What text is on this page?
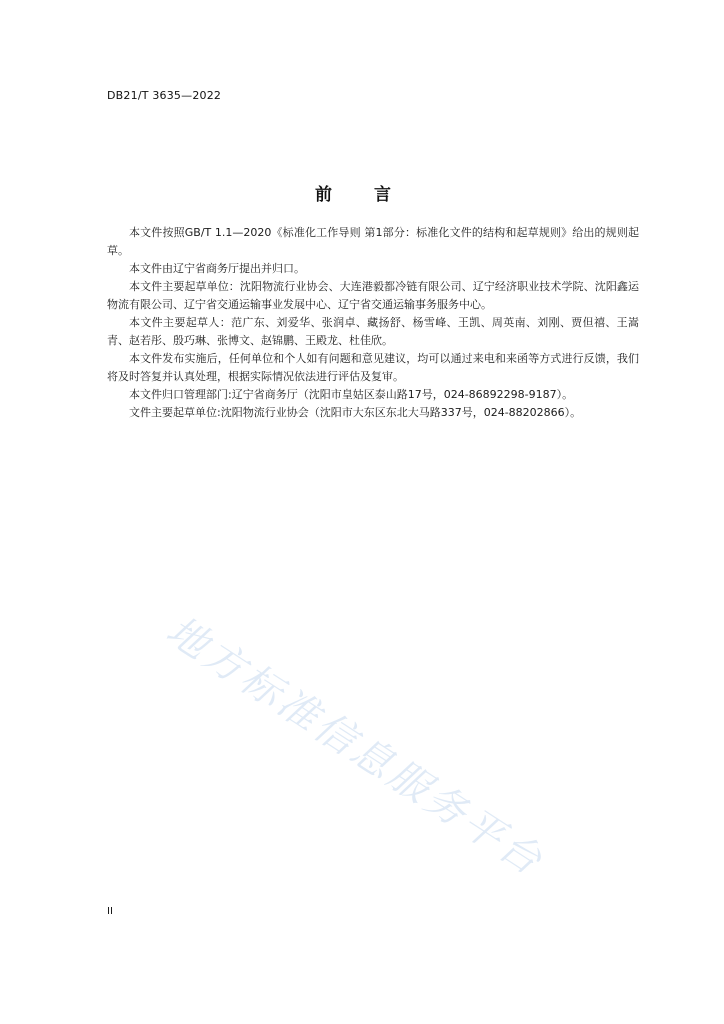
DB21/T 3635—2022
前 言

本文件按照GB/T 1.1—2020《标准化工作导则 第1部分：标准化文件的结构和起草规则》给出的规则起草。

本文件由辽宁省商务厅提出并归口。

本文件主要起草单位：沈阳物流行业协会、大连港毅都冷链有限公司、辽宁经济职业技术学院、沈阳鑫运物流有限公司、辽宁省交通运输事业发展中心、辽宁省交通运输事务服务中心。

本文件主要起草人：范广东、刘爱华、张润卓、藏扬舒、杨雪峰、王凯、周英南、刘刚、贾但禧、王嵩青、赵若彤、殷巧琳、张博文、赵锦鹏、王殿龙、杜佳欣。

本文件发布实施后，任何单位和个人如有问题和意见建议，均可以通过来电和来函等方式进行反馈，我们将及时答复并认真处理，根据实际情况依法进行评估及复审。

本文件归口管理部门:辽宁省商务厅（沈阳市皇姑区泰山路17号，024-86892298-9187）。

文件主要起草单位:沈阳物流行业协会（沈阳市大东区东北大马路337号，024-88202866）。

地方标准信息服务平台
II
